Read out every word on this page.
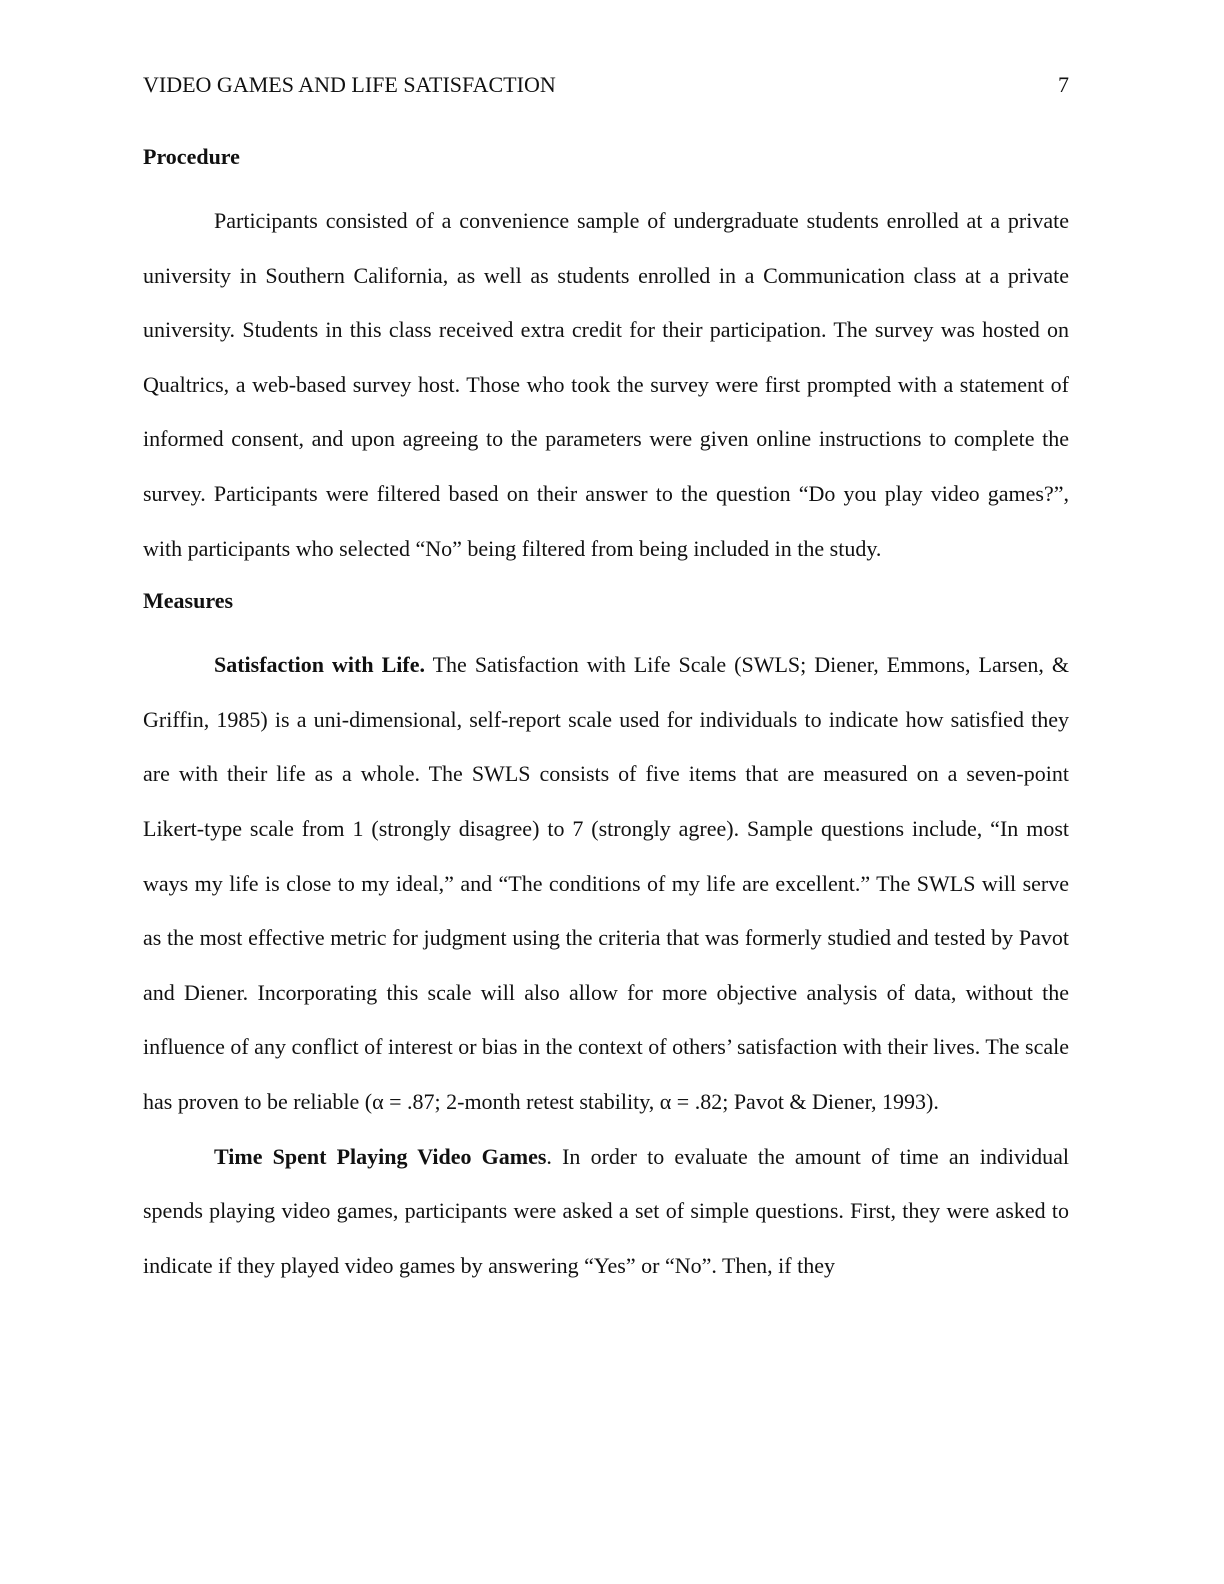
VIDEO GAMES AND LIFE SATISFACTION	7
Procedure

Participants consisted of a convenience sample of undergraduate students enrolled at a private university in Southern California, as well as students enrolled in a Communication class at a private university. Students in this class received extra credit for their participation. The survey was hosted on Qualtrics, a web-based survey host. Those who took the survey were first prompted with a statement of informed consent, and upon agreeing to the parameters were given online instructions to complete the survey. Participants were filtered based on their answer to the question “Do you play video games?”, with participants who selected “No” being filtered from being included in the study.

Measures

Satisfaction with Life. The Satisfaction with Life Scale (SWLS; Diener, Emmons, Larsen, & Griffin, 1985) is a uni-dimensional, self-report scale used for individuals to indicate how satisfied they are with their life as a whole. The SWLS consists of five items that are measured on a seven-point Likert-type scale from 1 (strongly disagree) to 7 (strongly agree). Sample questions include, “In most ways my life is close to my ideal,” and “The conditions of my life are excellent.” The SWLS will serve as the most effective metric for judgment using the criteria that was formerly studied and tested by Pavot and Diener. Incorporating this scale will also allow for more objective analysis of data, without the influence of any conflict of interest or bias in the context of others’ satisfaction with their lives. The scale has proven to be reliable (α = .87; 2-month retest stability, α = .82; Pavot & Diener, 1993).

Time Spent Playing Video Games. In order to evaluate the amount of time an individual spends playing video games, participants were asked a set of simple questions. First, they were asked to indicate if they played video games by answering “Yes” or “No”. Then, if they
